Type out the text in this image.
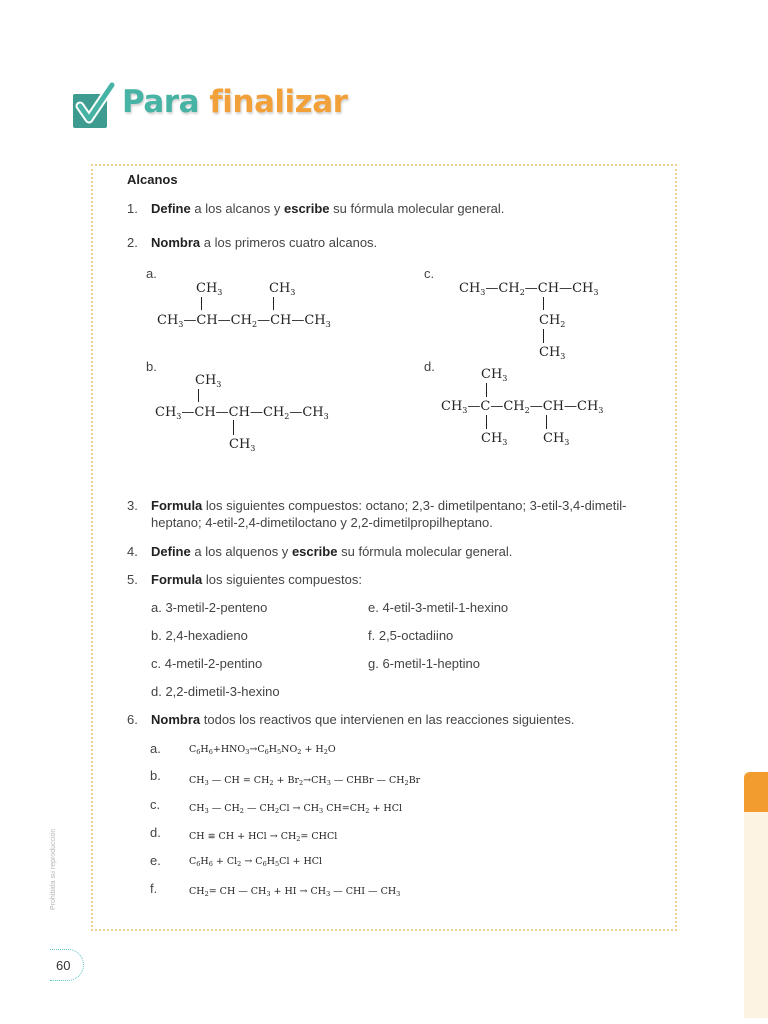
Para finalizar
Alcanos
1. Define a los alcanos y escribe su fórmula molecular general.
2. Nombra a los primeros cuatro alcanos.
a.
b.
c.
d.
$CH_3$	$CH_3$
$CH_3—CH—CH_2—CH—CH_3$
$CH_3$
$CH_3—CH—CH—CH_2—CH_3$
$CH_3$
$CH_3—CH_2—CH—CH_3$
$CH_2$
$CH_3$
$CH_3$
$CH_3—C—CH_2—CH—CH_3$
$CH_3$	$CH_3$
3. Formula los siguientes compuestos: octano; 2,3- dimetilpentano; 3-etil-3,4-dimetil-
heptano; 4-etil-2,4-dimetiloctano y 2,2-dimetilpropilheptano.
4. Define a los alquenos y escribe su fórmula molecular general.
5. Formula los siguientes compuestos:
a. 3-metil-2-penteno
b. 2,4-hexadieno
c. 4-metil-2-pentino
d. 2,2-dimetil-3-hexino
e. 4-etil-3-metil-1-hexino
f. 2,5-octadiino
g. 6-metil-1-heptino
6. Nombra todos los reactivos que intervienen en las reacciones siguientes.
a.
b.
c.
d.
e.
f.
$C_6H_6+HNO_3\to C_6H_5NO_2 + H_2O$
$CH_3$ — CH = $CH_2 + Br_2\to CH_3$ — CHBr — $CH_2Br$
$CH_3$ — $CH_2$ — $CH_2Cl \to CH_3$ $CH=CH_2$ + HCl
CH ≡ CH + HCl → $CH_2=$ CHCl
$C_6H_6 + Cl_2 \to C_6H_5Cl$ + HCl
$CH_2=$ CH — $CH_3$ + HI → $CH_3$ — CHI — $CH_3$
Prohibida su reproducción
60
